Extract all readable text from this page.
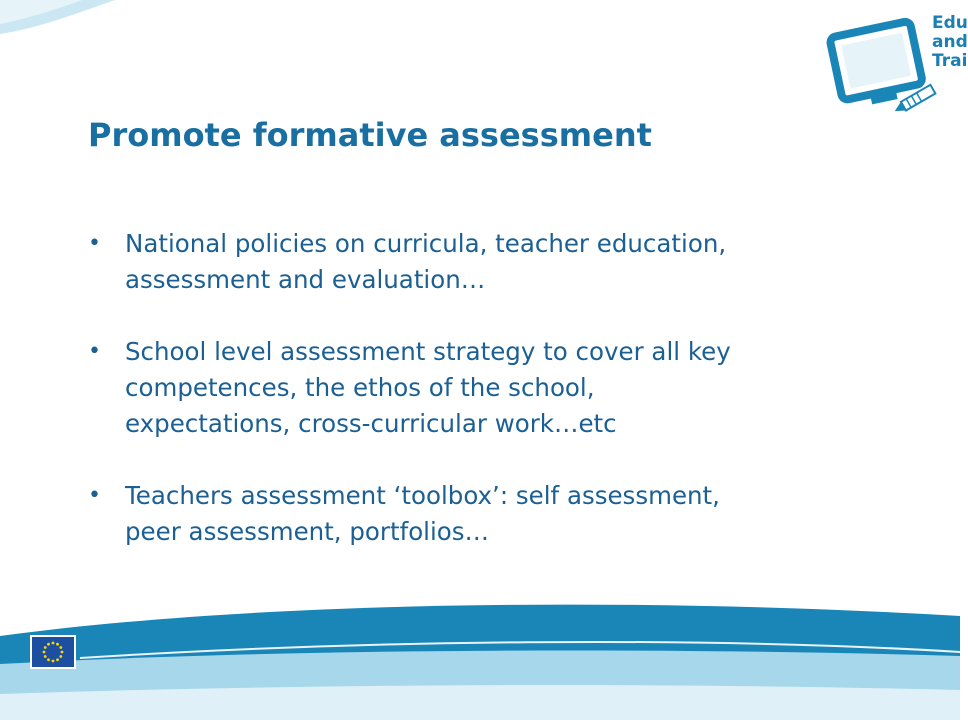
Edu
and
Trai
Promote formative assessment
• National policies on curricula, teacher education,
assessment and evaluation…
• School level assessment strategy to cover all key
competences, the ethos of the school,
expectations, cross-curricular work…etc
• Teachers assessment ‘toolbox’: self assessment,
peer assessment, portfolios…
